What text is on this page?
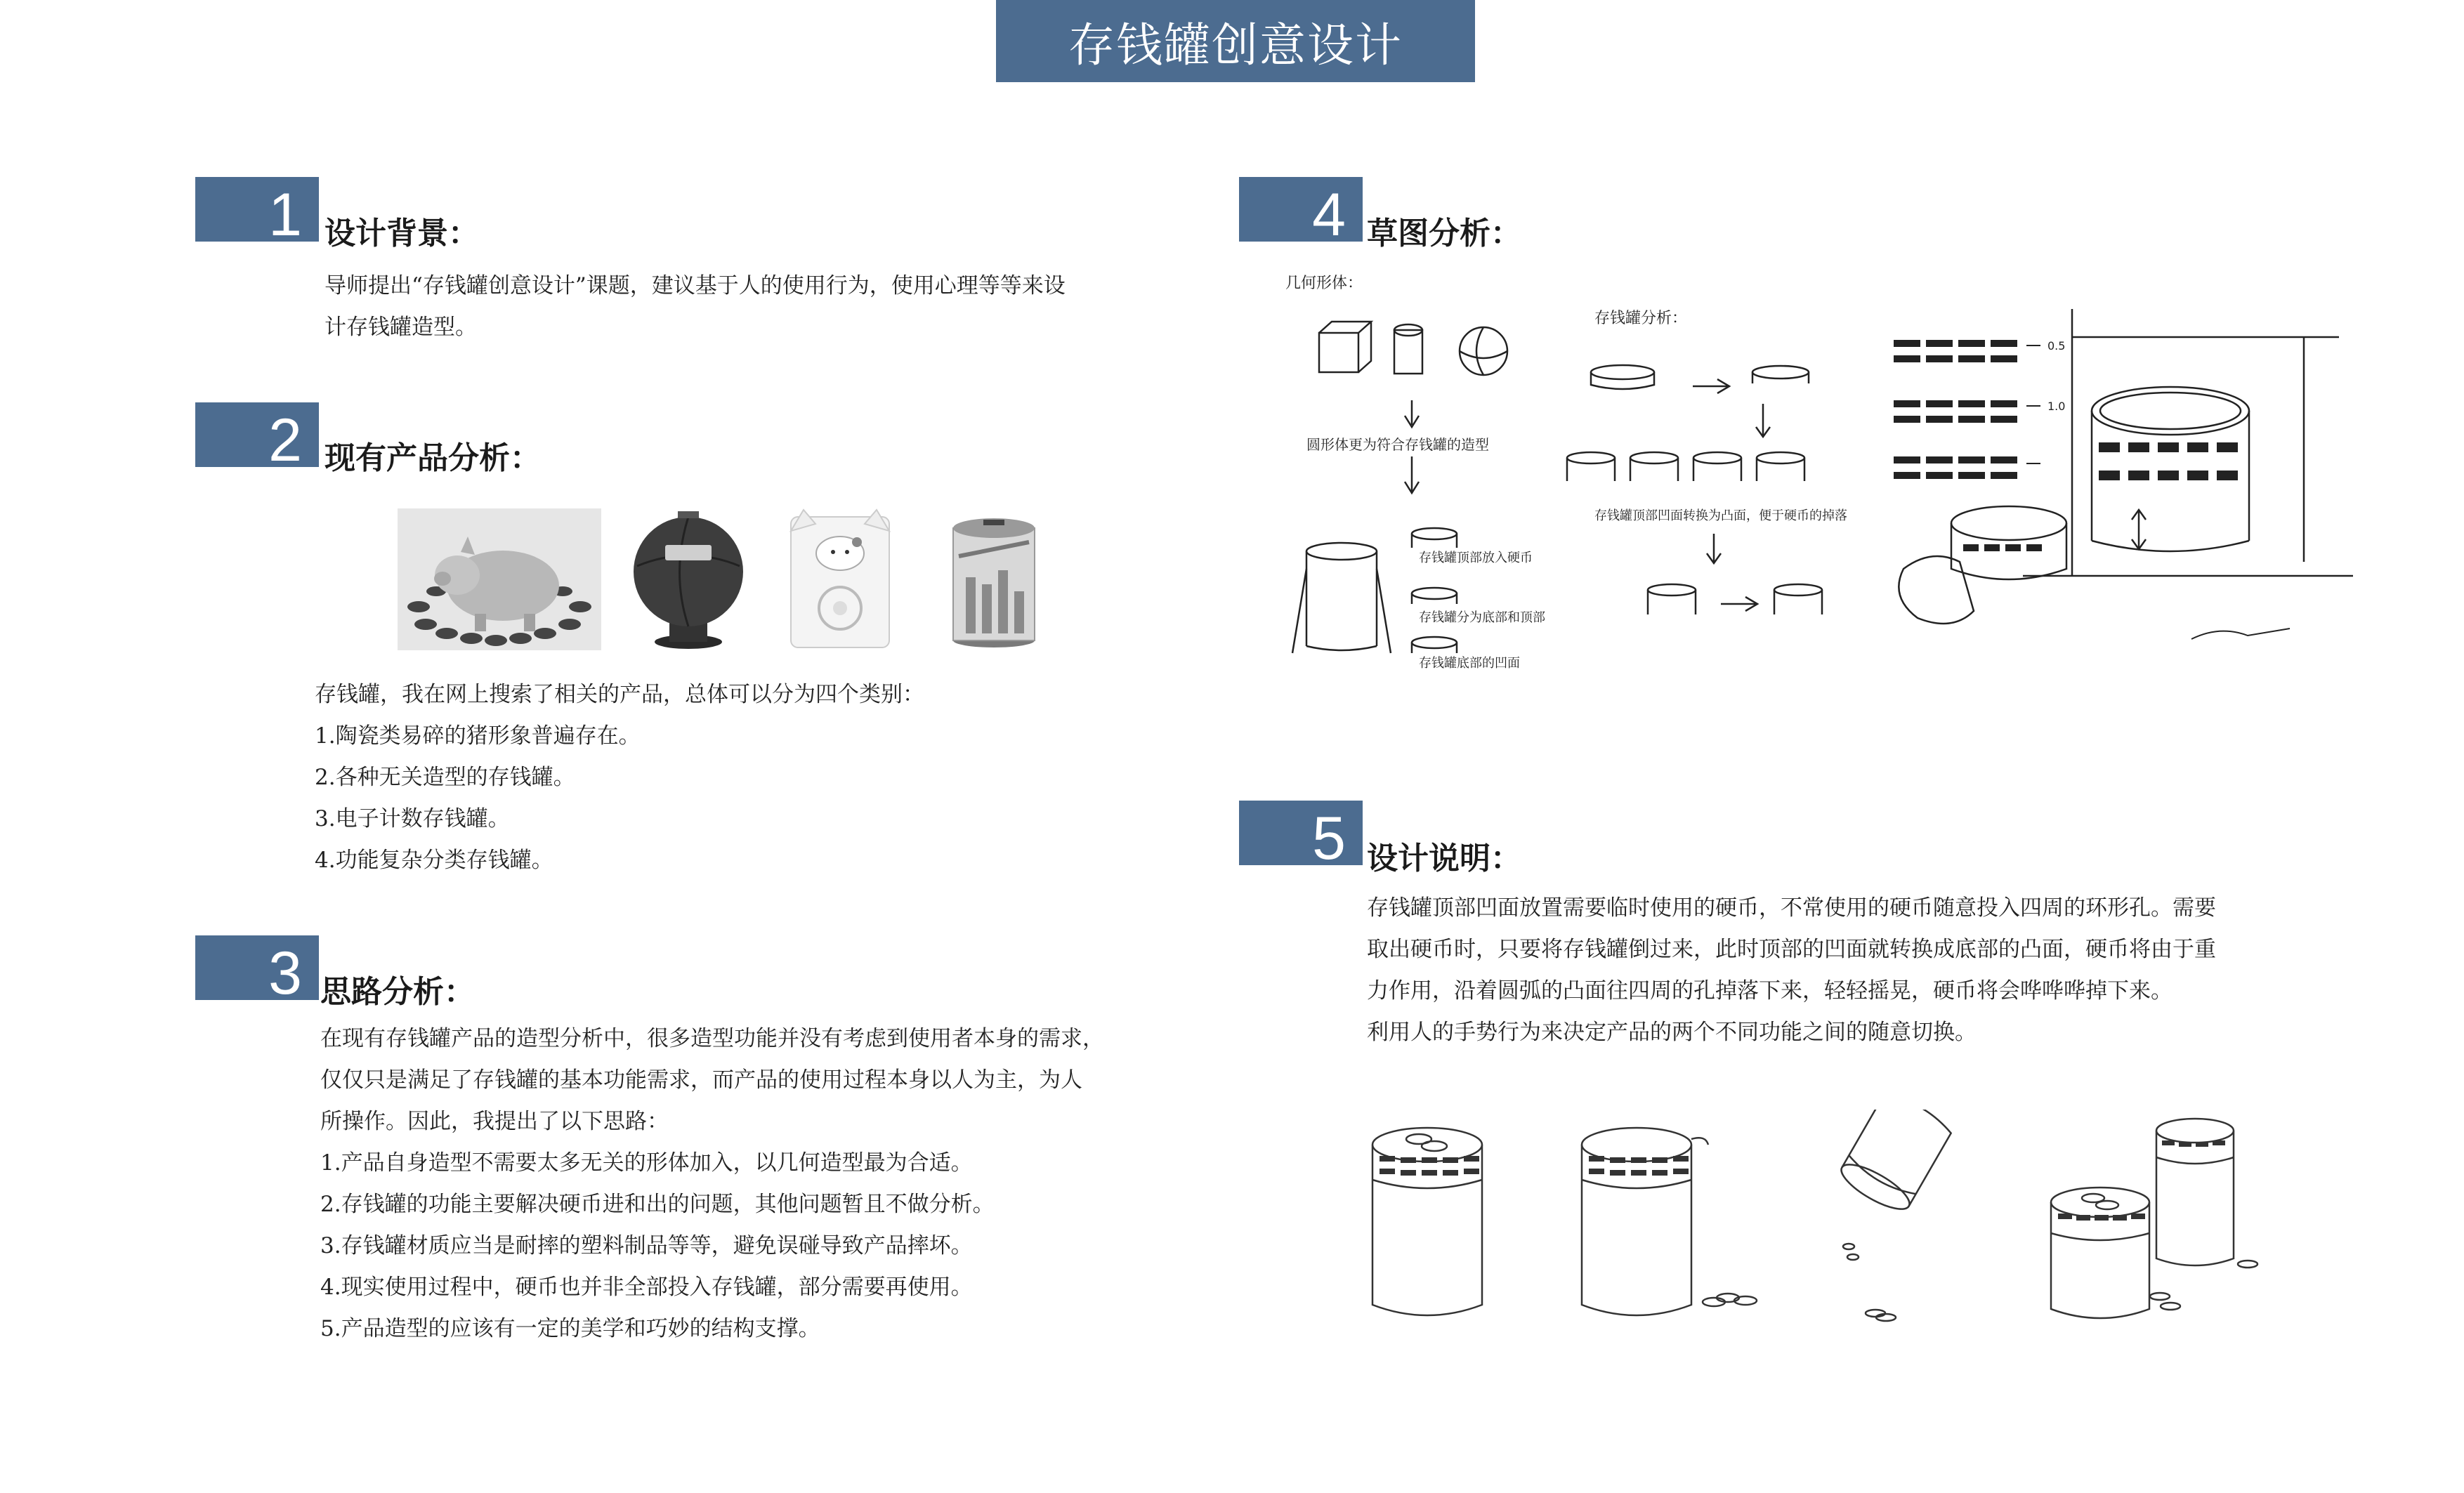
存钱罐创意设计
1 设计背景：
导师提出“存钱罐创意设计”课题，建议基于人的使用行为，使用心理等等来设
计存钱罐造型。
2 现有产品分析：
存钱罐，我在网上搜索了相关的产品，总体可以分为四个类别：
1.陶瓷类易碎的猪形象普遍存在。
2.各种无关造型的存钱罐。
3.电子计数存钱罐。
4.功能复杂分类存钱罐。
3 思路分析：
在现有存钱罐产品的造型分析中，很多造型功能并没有考虑到使用者本身的需求，
仅仅只是满足了存钱罐的基本功能需求，而产品的使用过程本身以人为主，为人
所操作。因此，我提出了以下思路：
1.产品自身造型不需要太多无关的形体加入，以几何造型最为合适。
2.存钱罐的功能主要解决硬币进和出的问题，其他问题暂且不做分析。
3.存钱罐材质应当是耐摔的塑料制品等等，避免误碰导致产品摔坏。
4.现实使用过程中，硬币也并非全部投入存钱罐，部分需要再使用。
5.产品造型的应该有一定的美学和巧妙的结构支撑。
4 草图分析：
几何形体：
圆形体更为符合存钱罐的造型
存钱罐顶部放入硬币
存钱罐分为底部和顶部
存钱罐底部的凹面
存钱罐分析：
存钱罐顶部凹面转换为凸面，便于硬币的掉落
0.5
1.0
5 设计说明：
存钱罐顶部凹面放置需要临时使用的硬币，不常使用的硬币随意投入四周的环形孔。需要
取出硬币时，只要将存钱罐倒过来，此时顶部的凹面就转换成底部的凸面，硬币将由于重
力作用，沿着圆弧的凸面往四周的孔掉落下来，轻轻摇晃，硬币将会哗哗哗掉下来。
利用人的手势行为来决定产品的两个不同功能之间的随意切换。
